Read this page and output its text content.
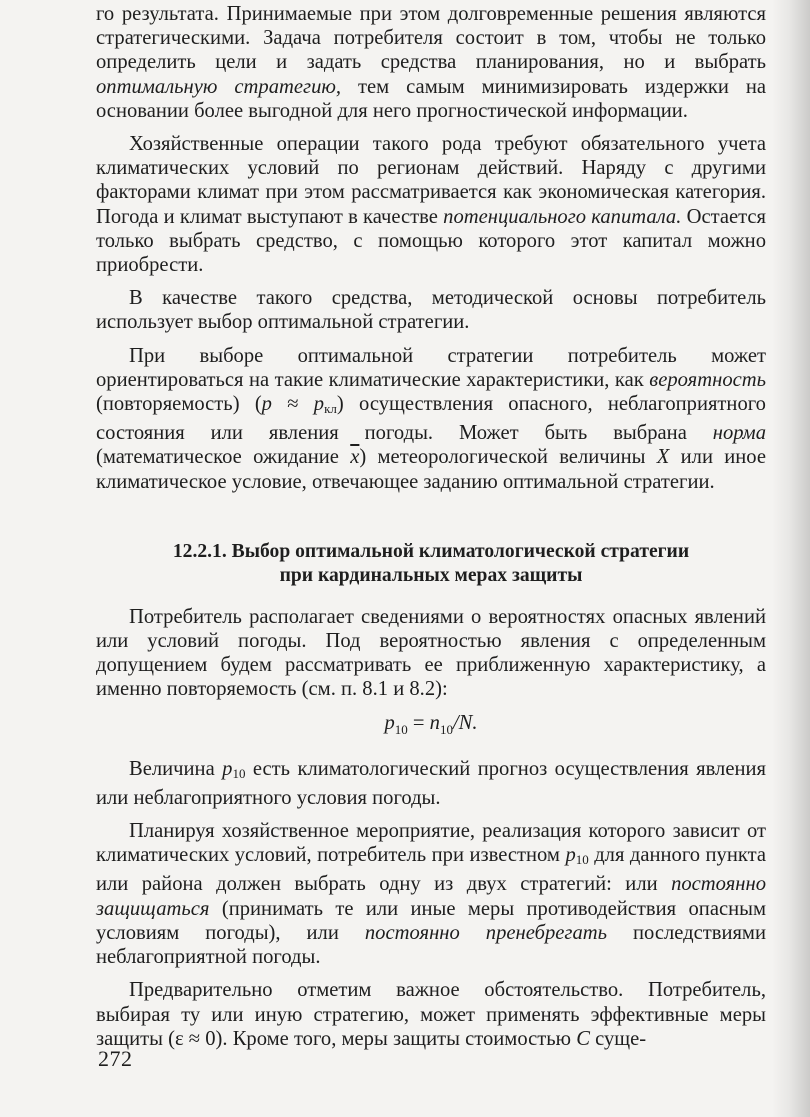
го результата. Принимаемые при этом долговременные решения являются стратегическими. Задача потребителя состоит в том, чтобы не только определить цели и задать средства планирования, но и выбрать оптимальную стратегию, тем самым минимизировать издержки на основании более выгодной для него прогностической информации.

Хозяйственные операции такого рода требуют обязательного учета климатических условий по регионам действий. Наряду с другими факторами климат при этом рассматривается как экономическая категория. Погода и климат выступают в качестве потенциального капитала. Остается только выбрать средство, с помощью которого этот капитал можно приобрести.

В качестве такого средства, методической основы потребитель использует выбор оптимальной стратегии.

При выборе оптимальной стратегии потребитель может ориентироваться на такие климатические характеристики, как вероятность (повторяемость) $(p \approx p_{кл})$ осуществления опасного, неблагоприятного состояния или явления погоды. Может быть выбрана норма (математическое ожидание $\overline{x}$) метеорологической величины X или иное климатическое условие, отвечающее заданию оптимальной стратегии.

12.2.1. Выбор оптимальной климатологической стратегии
при кардинальных мерах защиты

Потребитель располагает сведениями о вероятностях опасных явлений или условий погоды. Под вероятностью явления с определенным допущением будем рассматривать ее приближенную характеристику, а именно повторяемость (см. п. 8.1 и 8.2):

$p_{10} = n_{10}/N$.

Величина $p_{10}$ есть климатологический прогноз осуществления явления или неблагоприятного условия погоды.

Планируя хозяйственное мероприятие, реализация которого зависит от климатических условий, потребитель при известном $p_{10}$ для данного пункта или района должен выбрать одну из двух стратегий: или постоянно защищаться (принимать те или иные меры противодействия опасным условиям погоды), или постоянно пренебрегать последствиями неблагоприятной погоды.

Предварительно отметим важное обстоятельство. Потребитель, выбирая ту или иную стратегию, может применять эффективные меры защиты (ε ≈ 0). Кроме того, меры защиты стоимостью C суще-

272
